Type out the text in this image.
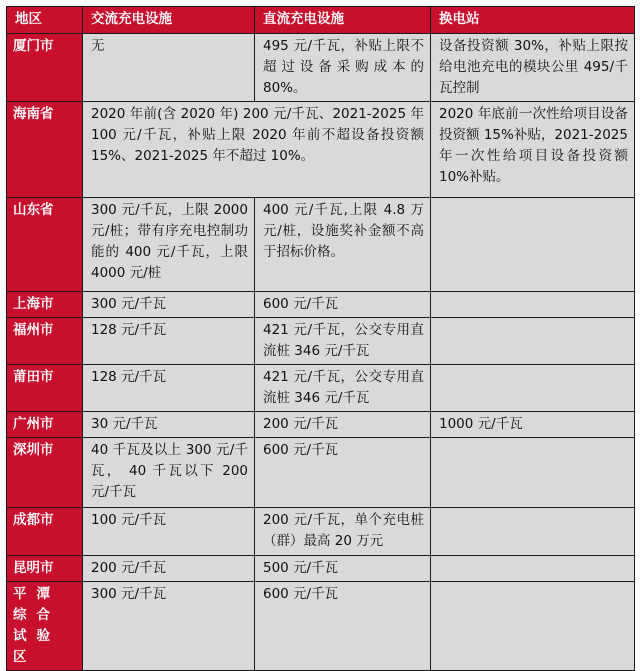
地区	交流充电设施	直流充电设施	换电站
厦门市	无	495 元/千瓦，补贴上限不超过设备采购成本的80%。	设备投资额 30%，补贴上限按给电池充电的模块公里 495/千瓦控制
海南省	2020 年前(含 2020 年) 200 元/千瓦、2021-2025 年 100 元/千瓦，补贴上限 2020 年前不超设备投资额 15%、2021-2025 年不超过 10%。		2020 年底前一次性给项目设备投资额 15%补贴，2021-2025 年一次性给项目设备投资额 10%补贴。
山东省	300 元/千瓦，上限 2000 元/桩；带有序充电控制功能的 400 元/千瓦，上限 4000 元/桩	400 元/千瓦,上限 4.8 万元/桩，设施奖补金额不高于招标价格。	
上海市	300 元/千瓦	600 元/千瓦	
福州市	128 元/千瓦	421 元/千瓦，公交专用直流桩 346 元/千瓦	
莆田市	128 元/千瓦	421 元/千瓦，公交专用直流桩 346 元/千瓦	
广州市	30 元/千瓦	200 元/千瓦	1000 元/千瓦
深圳市	40 千瓦及以上 300 元/千瓦， 40 千瓦以下 200 元/千瓦	600 元/千瓦	
成都市	100 元/千瓦	200 元/千瓦，单个充电桩（群）最高 20 万元	
昆明市	200 元/千瓦	500 元/千瓦	
平潭综合试验区	300 元/千瓦	600 元/千瓦	
